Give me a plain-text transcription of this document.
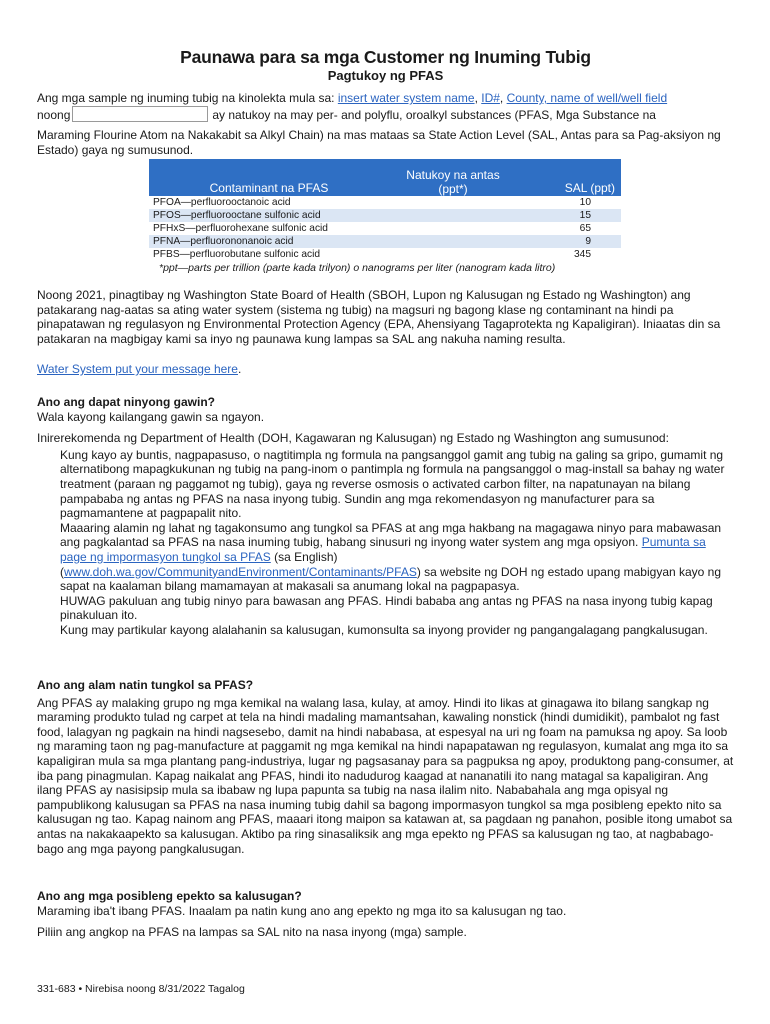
Paunawa para sa mga Customer ng Inuming Tubig
Pagtukoy ng PFAS

Ang mga sample ng inuming tubig na kinolekta mula sa: insert water system name, ID#, County, name of well/well field

noong	ay natukoy na may per- and polyflu, oroalkyl substances (PFAS, Mga Substance na

Maraming Flourine Atom na Nakakabit sa Alkyl Chain) na mas mataas sa State Action Level (SAL, Antas para sa Pag-aksiyon ng Estado) gaya ng sumusunod.

Contaminant na PFAS	Natukoy na antas
(ppt*)	SAL (ppt)
PFOA—perfluorooctanoic acid		10
PFOS—perfluorooctane sulfonic acid		15
PFHxS—perfluorohexane sulfonic acid		65
PFNA—perfluorononanoic acid		9
PFBS—perfluorobutane sulfonic acid		345
*ppt—parts per trillion (parte kada trilyon) o nanograms per liter (nanogram kada litro)

Noong 2021, pinagtibay ng Washington State Board of Health (SBOH, Lupon ng Kalusugan ng Estado ng Washington) ang patakarang nag-aatas sa ating water system (sistema ng tubig) na magsuri ng bagong klase ng contaminant na hindi pa pinapatawan ng regulasyon ng Environmental Protection Agency (EPA, Ahensiyang Tagaprotekta ng Kapaligiran). Iniaatas din sa patakaran na magbigay kami sa inyo ng paunawa kung lampas sa SAL ang nakuha naming resulta.

Water System put your message here.

Ano ang dapat ninyong gawin?

Wala kayong kailangang gawin sa ngayon.

Inirerekomenda ng Department of Health (DOH, Kagawaran ng Kalusugan) ng Estado ng Washington ang sumusunod:

Kung kayo ay buntis, nagpapasuso, o nagtitimpla ng formula na pangsanggol gamit ang tubig na galing sa gripo, gumamit ng alternatibong mapagkukunan ng tubig na pang-inom o pantimpla ng formula na pangsanggol o mag-install sa bahay ng water treatment (paraan ng paggamot ng tubig), gaya ng reverse osmosis o activated carbon filter, na napatunayan na bilang pampababa ng antas ng PFAS na nasa inyong tubig. Sundin ang mga rekomendasyon ng manufacturer para sa pagmamantene at pagpapalit nito.
Maaaring alamin ng lahat ng tagakonsumo ang tungkol sa PFAS at ang mga hakbang na magagawa ninyo para mabawasan ang pagkalantad sa PFAS na nasa inuming tubig, habang sinusuri ng inyong water system ang mga opsiyon. Pumunta sa page ng impormasyon tungkol sa PFAS (sa English)
(www.doh.wa.gov/CommunityandEnvironment/Contaminants/PFAS) sa website ng DOH ng estado upang mabigyan kayo ng sapat na kaalaman bilang mamamayan at makasali sa anumang lokal na pagpapasya.
HUWAG pakuluan ang tubig ninyo para bawasan ang PFAS. Hindi bababa ang antas ng PFAS na nasa inyong tubig kapag pinakuluan ito.
Kung may partikular kayong alalahanin sa kalusugan, kumonsulta sa inyong provider ng pangangalagang pangkalusugan.

Ano ang alam natin tungkol sa PFAS?

Ang PFAS ay malaking grupo ng mga kemikal na walang lasa, kulay, at amoy. Hindi ito likas at ginagawa ito bilang sangkap ng maraming produkto tulad ng carpet at tela na hindi madaling mamantsahan, kawaling nonstick (hindi dumidikit), pambalot ng fast food, lalagyan ng pagkain na hindi nagsesebo, damit na hindi nababasa, at espesyal na uri ng foam na pamuksa ng apoy. Sa loob ng maraming taon ng pag-manufacture at paggamit ng mga kemikal na hindi napapatawan ng regulasyon, kumalat ang mga ito sa kapaligiran mula sa mga plantang pang-industriya, lugar ng pagsasanay para sa pagpuksa ng apoy, produktong pang-consumer, at iba pang pinagmulan. Kapag naikalat ang PFAS, hindi ito nadudurog kaagad at nananatili ito nang matagal sa kapaligiran. Ang ilang PFAS ay nasisipsip mula sa ibabaw ng lupa papunta sa tubig na nasa ilalim nito. Nababahala ang mga opisyal ng pampublikong kalusugan sa PFAS na nasa inuming tubig dahil sa bagong impormasyon tungkol sa mga posibleng epekto nito sa kalusugan ng tao. Kapag nainom ang PFAS, maaari itong maipon sa katawan at, sa pagdaan ng panahon, posible itong umabot sa antas na nakakaapekto sa kalusugan. Aktibo pa ring sinasaliksik ang mga epekto ng PFAS sa kalusugan ng tao, at nagbabago-bago ang mga payong pangkalusugan.

Ano ang mga posibleng epekto sa kalusugan?

Maraming iba't ibang PFAS. Inaalam pa natin kung ano ang epekto ng mga ito sa kalusugan ng tao.

Piliin ang angkop na PFAS na lampas sa SAL nito na nasa inyong (mga) sample.

331-683 • Nirebisa noong 8/31/2022 Tagalog
